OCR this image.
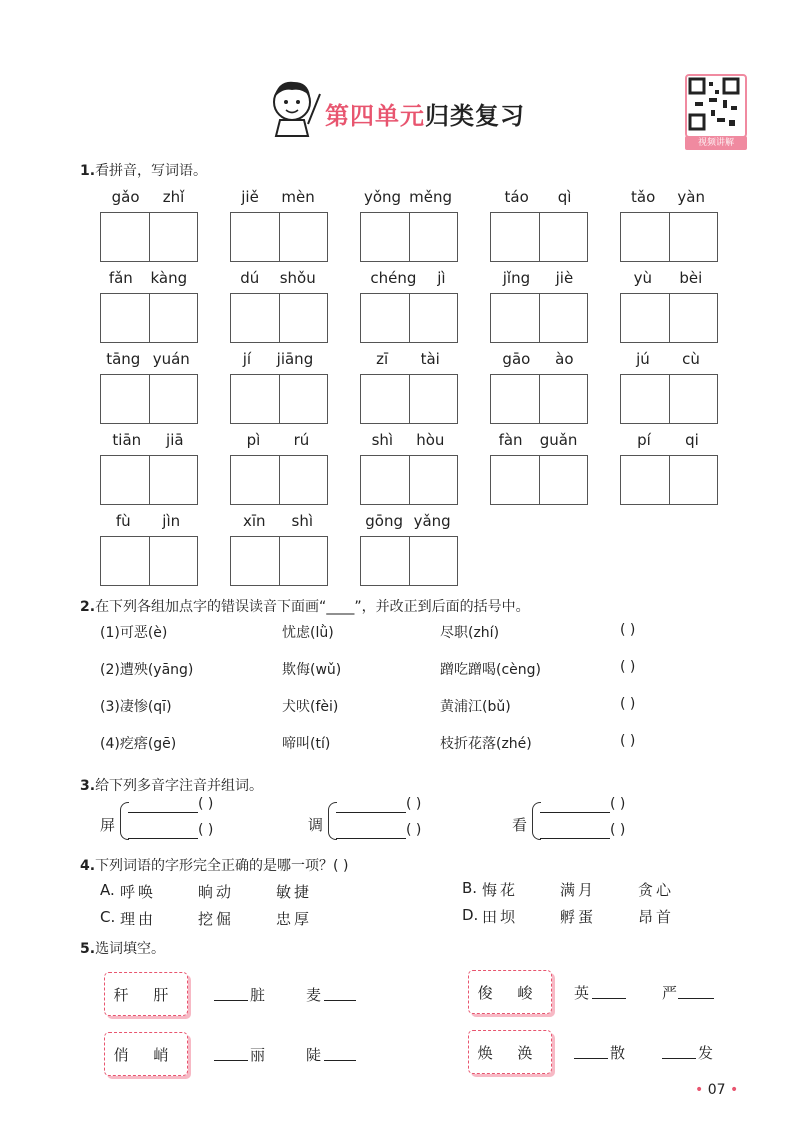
第四单元归类复习
视频讲解
1.看拼音，写词语。
gǎo zhǐ	jiě mèn	yǒng měng	táo qì	tǎo yàn
fǎn kàng	dú shǒu	chéng jì	jǐng jiè	yù bèi
tāng yuán	jí jiāng	zī tài	gāo ào	jú cù
tiān jiā	pì rú	shì hòu	fàn guǎn	pí qi
fù jìn	xīn shì	gōng yǎng
2.在下列各组加点字的错误读音下面画“____”，并改正到后面的括号中。
(1)可恶(è)	忧虑(lǜ)	尽职(zhí)	( )
(2)遭殃(yāng)	欺侮(wǔ)	蹭吃蹭喝(cèng)	( )
(3)凄惨(qī)	犬吠(fèi)	黄浦江(bǔ)	( )
(4)疙瘩(gē)	啼叫(tí)	枝折花落(zhé)	( )
3.给下列多音字注音并组词。
屏
( )
( )	调
( )
( )	看
( )
( )
4.下列词语的字形完全正确的是哪一项？( )
A. 呼唤	晌动	敏捷	B. 悔花	满月	贪心
C. 理由	挖倔	忠厚	D. 田坝	孵蛋	昂首
5.选词填空。
秆 肝	脏	麦	俊 峻	英	严
俏 峭	丽	陡	焕 涣	散	发
• 07 •
